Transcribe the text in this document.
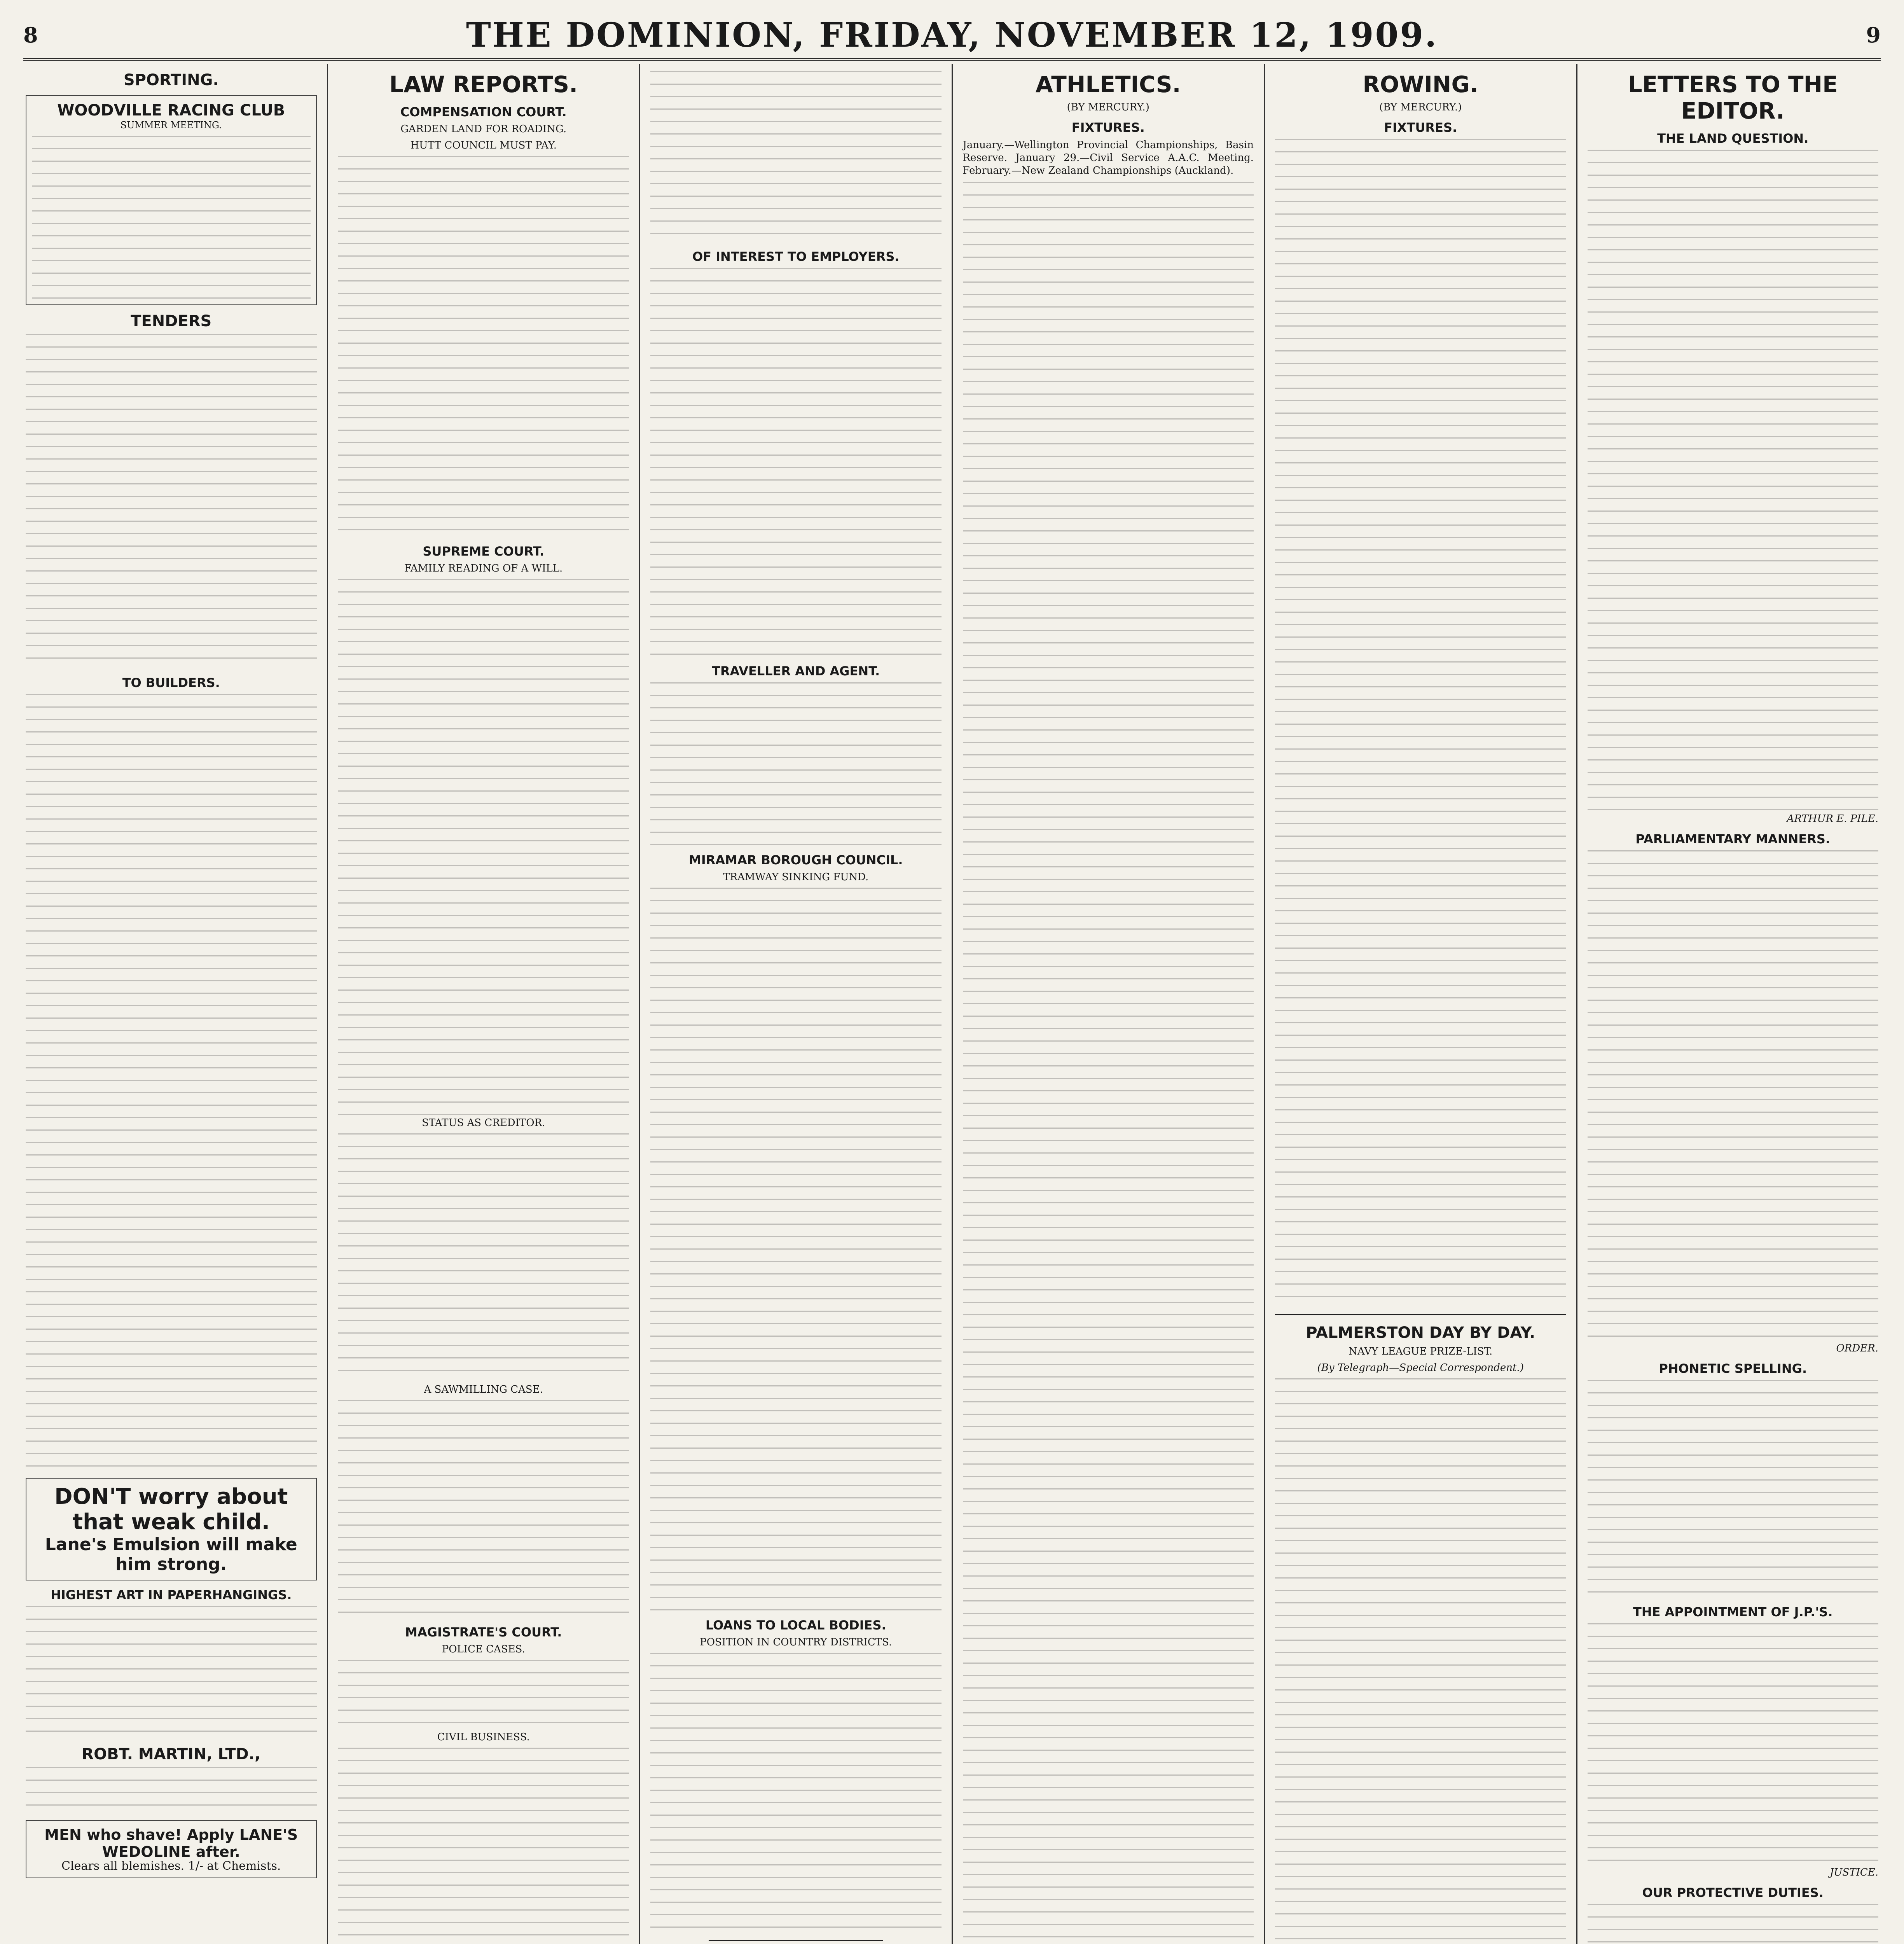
8	THE DOMINION, FRIDAY, NOVEMBER 12, 1909.	9
SPORTING.
WOODVILLE RACING CLUB
SUMMER MEETING.
TENDERS
TO BUILDERS.
DON'T worry about
that weak child.
Lane's Emulsion will make him strong.
HIGHEST ART IN PAPERHANGINGS.
ROBT. MARTIN, LTD.,
MEN who shave! Apply LANE'S WEDOLINE after.
Clears all blemishes. 1/- at Chemists.
LAW REPORTS.
COMPENSATION COURT.
GARDEN LAND FOR ROADING.
HUTT COUNCIL MUST PAY.
SUPREME COURT.
FAMILY READING OF A WILL.
STATUS AS CREDITOR.
A SAWMILLING CASE.
MAGISTRATE'S COURT.
POLICE CASES.
CIVIL BUSINESS.
OF INTEREST TO EMPLOYERS.
TRAVELLER AND AGENT.
MIRAMAR BOROUGH COUNCIL.
TRAMWAY SINKING FUND.
LOANS TO LOCAL BODIES.
POSITION IN COUNTRY DISTRICTS.

ATHLETICS.
(BY MERCURY.)
FIXTURES.

January.—Wellington Provincial Championships, Basin Reserve. January 29.—Civil Service A.A.C. Meeting. February.—New Zealand Championships (Auckland).

ROWING.
(BY MERCURY.)
FIXTURES.
PALMERSTON DAY BY DAY.
NAVY LEAGUE PRIZE-LIST.
(By Telegraph—Special Correspondent.)
LETTERS TO THE EDITOR.
THE LAND QUESTION.
ARTHUR E. PILE.
PARLIAMENTARY MANNERS.
ORDER.
PHONETIC SPELLING.
THE APPOINTMENT OF J.P.'S.
JUSTICE.
OUR PROTECTIVE DUTIES.
